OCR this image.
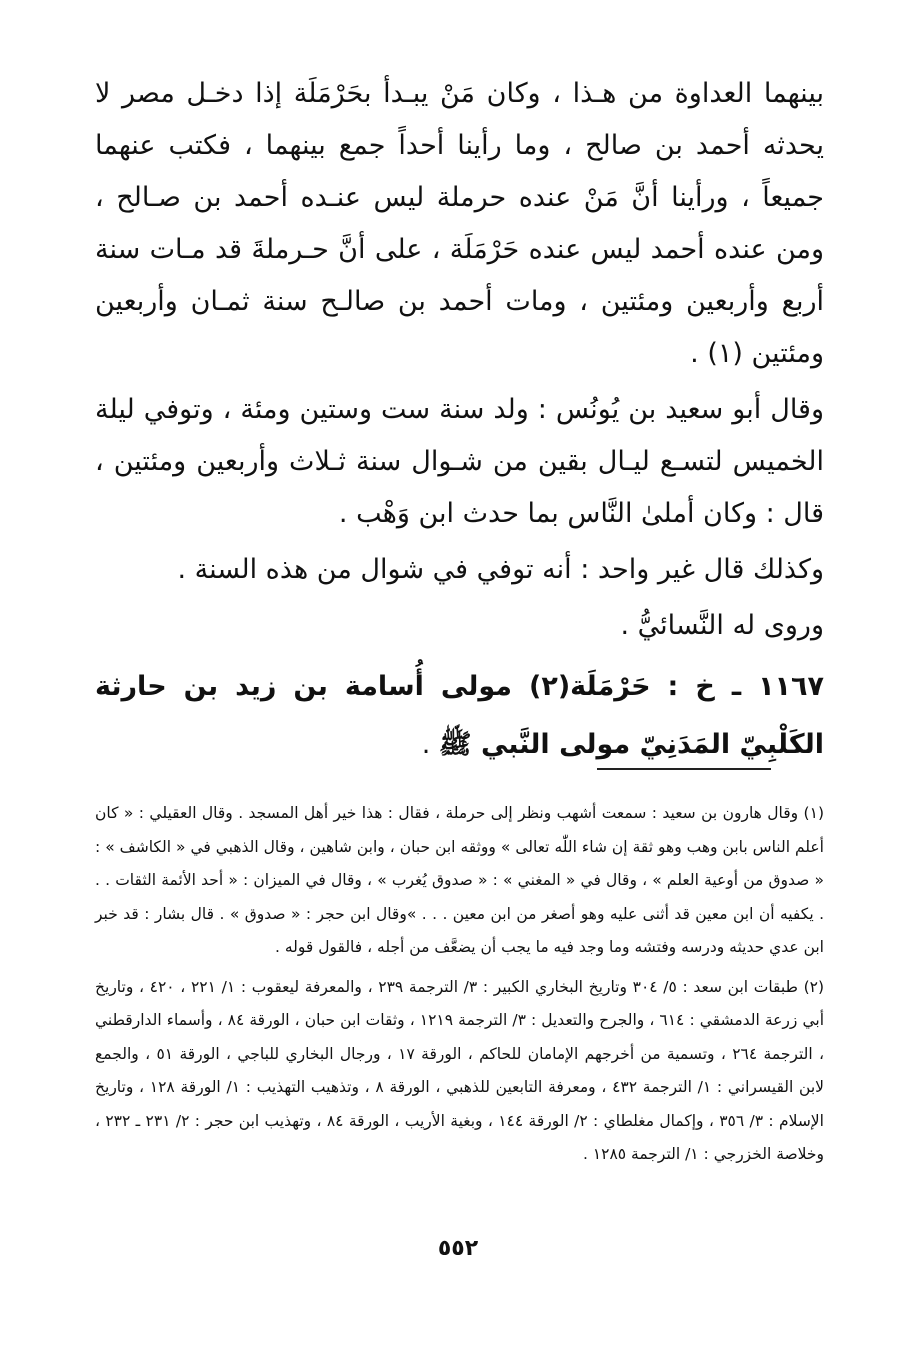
بينهما العداوة من هـذا ، وكان مَنْ يبـدأ بحَرْمَلَة إذا دخـل مصر لا يحدثه أحمد بن صالح ، وما رأينا أحداً جمع بينهما ، فكتب عنهما جميعاً ، ورأينا أنَّ مَنْ عنده حرملة ليس عنـده أحمد بن صـالح ، ومن عنده أحمد ليس عنده حَرْمَلَة ، على أنَّ حـرملةَ قد مـات سنة أربع وأربعين ومئتين ، ومات أحمد بن صالـح سنة ثمـان وأربعين ومئتين (١) .

وقال أبو سعيد بن يُونُس : ولد سنة ست وستين ومئة ، وتوفي ليلة الخميس لتسـع ليـال بقين من شـوال سنة ثـلاث وأربعين ومئتين ، قال : وكان أملىٰ النَّاس بما حدث ابن وَهْب .

وكذلك قال غير واحد : أنه توفي في شوال من هذه السنة .

وروى له النَّسائيُّ .

١١٦٧ ـ خ : حَرْمَلَة(٢) مولى أُسامة بن زيد بن حارثة الكَلْبِيّ المَدَنِيّ مولى النَّبي ﷺ .

(١) وقال هارون بن سعيد : سمعت أشهب ونظر إلى حرملة ، فقال : هذا خير أهل المسجد . وقال العقيلي : « كان أعلم الناس بابن وهب وهو ثقة إن شاء اللّٰه تعالى » ووثقه ابن حبان ، وابن شاهين ، وقال الذهبي في « الكاشف » : « صدوق من أوعية العلم » ، وقال في « المغني » : « صدوق يُغرب » ، وقال في الميزان : « أحد الأئمة الثقات . . . يكفيه أن ابن معين قد أثنى عليه وهو أصغر من ابن معين . . . »وقال ابن حجر : « صدوق » . قال بشار : قد خبر ابن عدي حديثه ودرسه وفتشه وما وجد فيه ما يجب أن يضعَّف من أجله ، فالقول قوله .

(٢) طبقات ابن سعد : ٥/ ٣٠٤ وتاريخ البخاري الكبير : ٣/ الترجمة ٢٣٩ ، والمعرفة ليعقوب : ١/ ٢٢١ ، ٤٢٠ ، وتاريخ أبي زرعة الدمشقي : ٦١٤ ، والجرح والتعديل : ٣/ الترجمة ١٢١٩ ، وثقات ابن حبان ، الورقة ٨٤ ، وأسماء الدارقطني ، الترجمة ٢٦٤ ، وتسمية من أخرجهم الإمامان للحاكم ، الورقة ١٧ ، ورجال البخاري للباجي ، الورقة ٥١ ، والجمع لابن القيسراني : ١/ الترجمة ٤٣٢ ، ومعرفة التابعين للذهبي ، الورقة ٨ ، وتذهيب التهذيب : ١/ الورقة ١٢٨ ، وتاريخ الإسلام : ٣/ ٣٥٦ ، وإكمال مغلطاي : ٢/ الورقة ١٤٤ ، وبغية الأريب ، الورقة ٨٤ ، وتهذيب ابن حجر : ٢/ ٢٣١ ـ ٢٣٢ ، وخلاصة الخزرجي : ١/ الترجمة ١٢٨٥ .

٥٥٢
